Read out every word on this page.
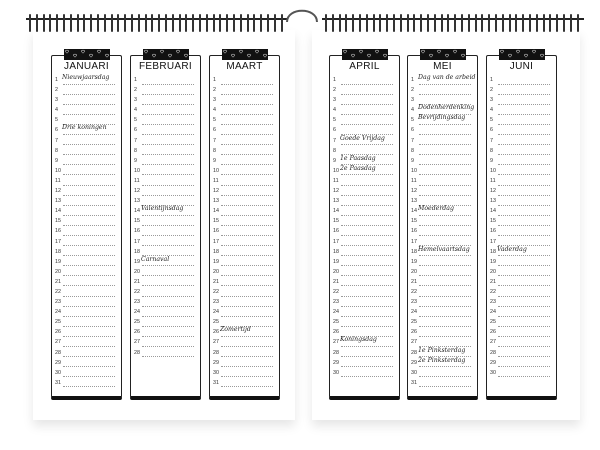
JANUARI
1 Nieuwjaarsdag
2
3
4
5
6 Drie koningen
7
8
9
10
11
12
13
14
15
16
17
18
19
20
21
22
23
24
25
26
27
28
29
30
31
FEBRUARI
1
2
3
4
5
6
7
8
9
10
11
12
13
14 Valentijnsdag
15
16
17
18
19 Carnaval
20
21
22
23
24
25
26
27
28
MAART
1
2
3
4
5
6
7
8
9
10
11
12
13
14
15
16
17
18
19
20
21
22
23
24
25
26 Zomertijd
27
28
29
30
31
APRIL
1
2
3
4
5
6
7 Goede Vrijdag
8
9 1e Paasdag
10 2e Paasdag
11
12
13
14
15
16
17
18
19
20
21
22
23
24
25
26
27 Koningsdag
28
29
30
MEI
1 Dag van de arbeid
2
3
4 Dodenherdenking
5 Bevrijdingsdag
6
7
8
9
10
11
12
13
14 Moederdag
15
16
17
18 Hemelvaartsdag
19
20
21
22
23
24
25
26
27
28 1e Pinksterdag
29 2e Pinksterdag
30
31
JUNI
1
2
3
4
5
6
7
8
9
10
11
12
13
14
15
16
17
18 Vaderdag
19
20
21
22
23
24
25
26
27
28
29
30
